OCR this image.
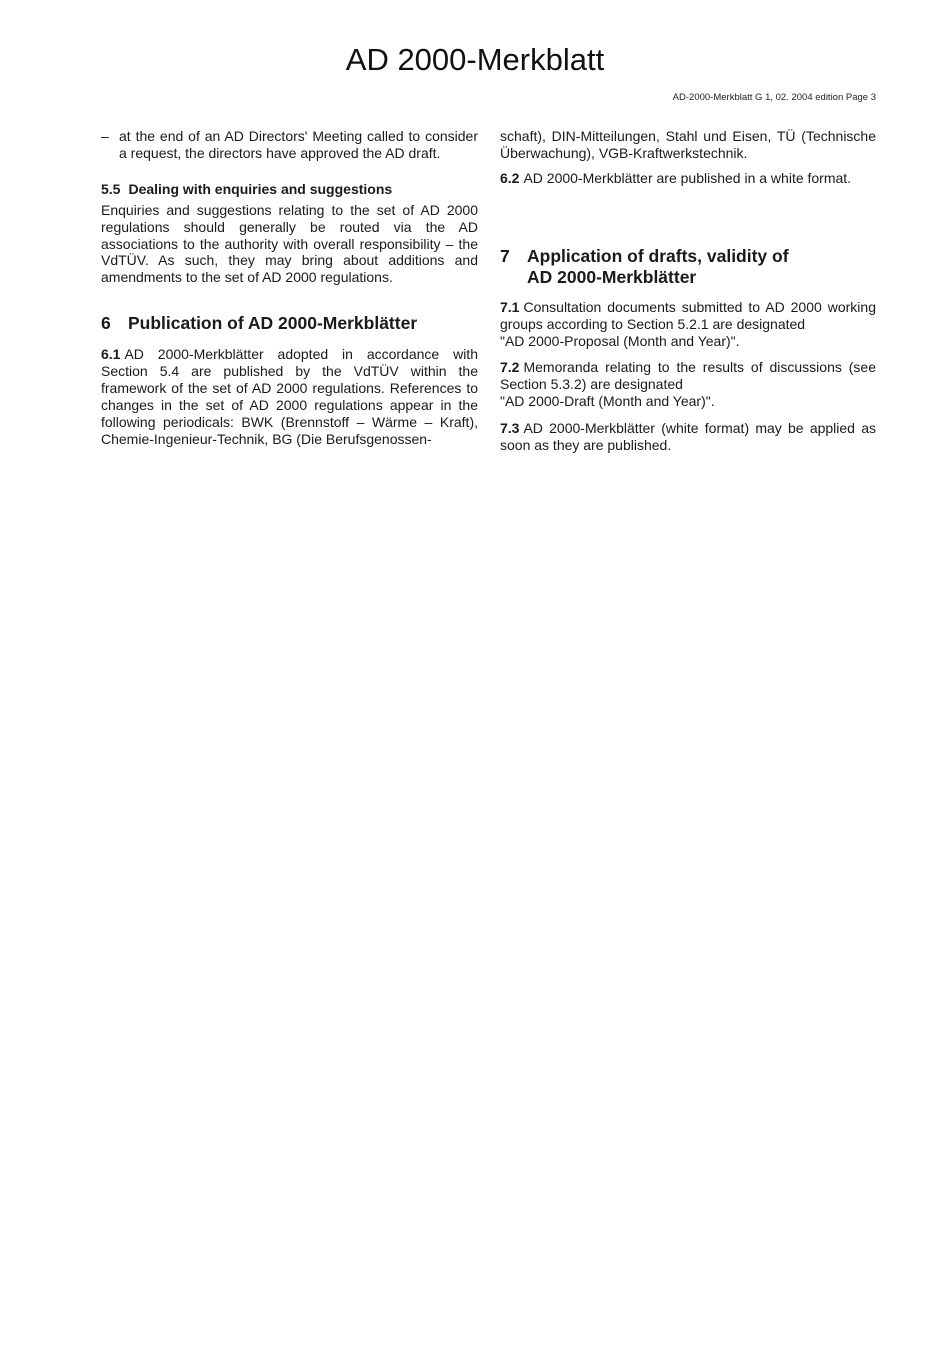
AD 2000-Merkblatt
AD-2000-Merkblatt G 1, 02. 2004 edition Page 3
– at the end of an AD Directors' Meeting called to consider a request, the directors have approved the AD draft.
5.5 Dealing with enquiries and suggestions

Enquiries and suggestions relating to the set of AD 2000 regulations should generally be routed via the AD associations to the authority with overall responsibility – the VdTÜV. As such, they may bring about additions and amendments to the set of AD 2000 regulations.

6 Publication of AD 2000-Merkblätter

6.1 AD 2000-Merkblätter adopted in accordance with Section 5.4 are published by the VdTÜV within the framework of the set of AD 2000 regulations. References to changes in the set of AD 2000 regulations appear in the following periodicals: BWK (Brennstoff – Wärme – Kraft), Chemie-Ingenieur-Technik, BG (Die Berufsgenossen-

schaft), DIN-Mitteilungen, Stahl und Eisen, TÜ (Technische Überwachung), VGB-Kraftwerkstechnik.

6.2 AD 2000-Merkblätter are published in a white format.

7 Application of drafts, validity of
AD 2000-Merkblätter

7.1 Consultation documents submitted to AD 2000 working groups according to Section 5.2.1 are designated

"AD 2000-Proposal (Month and Year)".

7.2 Memoranda relating to the results of discussions (see Section 5.3.2) are designated

"AD 2000-Draft (Month and Year)".

7.3 AD 2000-Merkblätter (white format) may be applied as soon as they are published.
